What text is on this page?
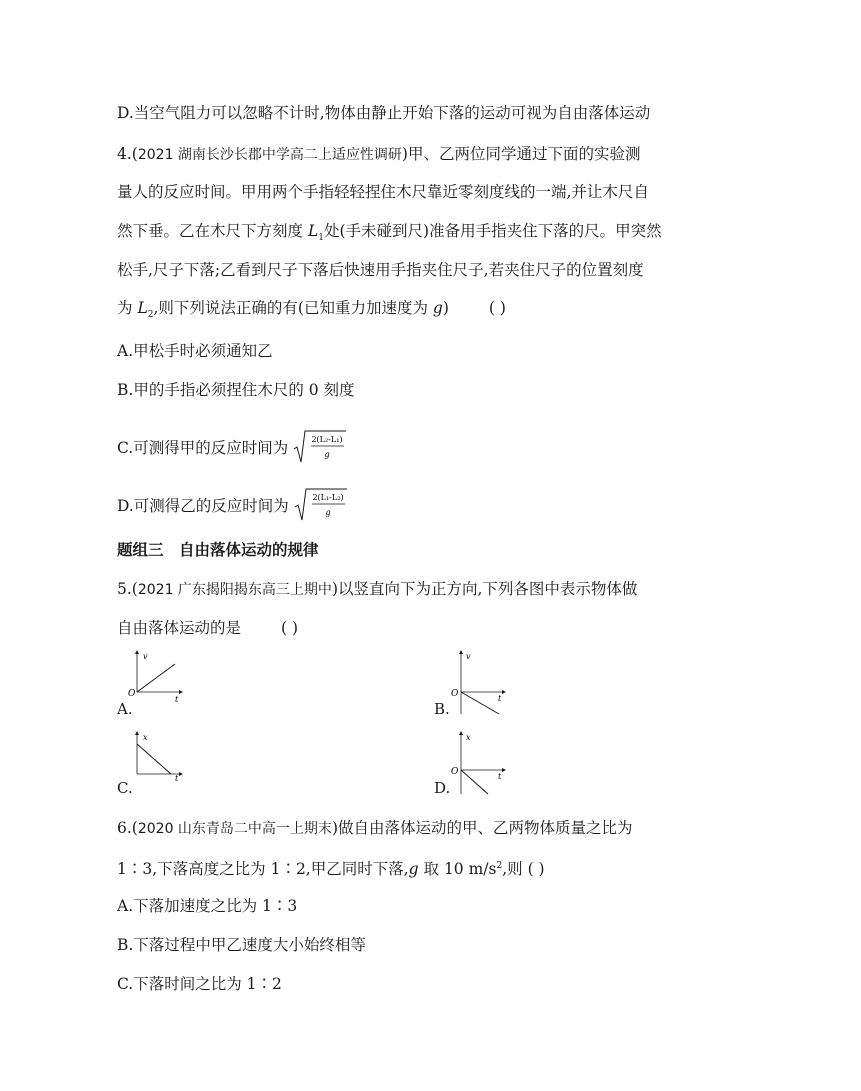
D.当空气阻力可以忽略不计时,物体由静止开始下落的运动可视为自由落体运动
4.(2021 湖南长沙长郡中学高二上适应性调研)甲、乙两位同学通过下面的实验测
量人的反应时间。甲用两个手指轻轻捏住木尺靠近零刻度线的一端,并让木尺自
然下垂。乙在木尺下方刻度 $L_1$处(手未碰到尺)准备用手指夹住下落的尺。甲突然
松手,尺子下落;乙看到尺子下落后快速用手指夹住尺子,若夹住尺子的位置刻度
为 $L_2$,则下列说法正确的有(已知重力加速度为 g)	( )
A.甲松手时必须通知乙
B.甲的手指必须捏住木尺的 0 刻度
C.可测得甲的反应时间为	2(L₂-L₁)
g
D.可测得乙的反应时间为	2(L₁-L₂)
g
题组三　自由落体运动的规律
5.(2021 广东揭阳揭东高三上期中)以竖直向下为正方向,下列各图中表示物体做
自由落体运动的是	( )
A.
v
t
O
B.
v
t
O
C.
x
t
D.
x
t
O
6.(2020 山东青岛二中高一上期末)做自由落体运动的甲、乙两物体质量之比为
1∶3,下落高度之比为 1∶2,甲乙同时下落,g 取 10 $m/s^2$,则 ( )
A.下落加速度之比为 1∶3
B.下落过程中甲乙速度大小始终相等
C.下落时间之比为 1∶2
